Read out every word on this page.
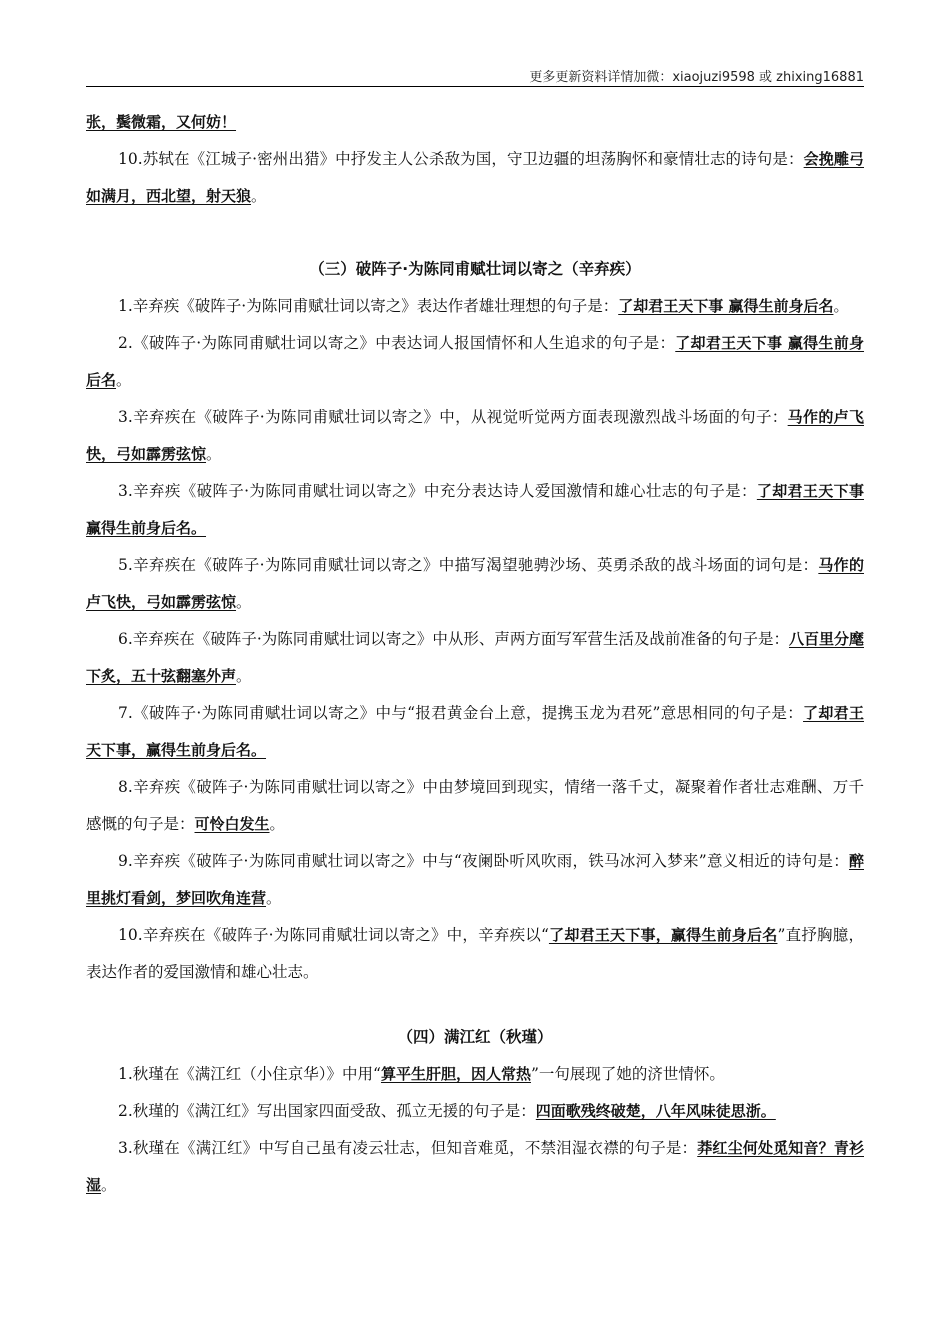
更多更新资料详情加微：xiaojuzi9598 或 zhixing16881

张，鬓微霜，又何妨！

10.苏轼在《江城子·密州出猎》中抒发主人公杀敌为国，守卫边疆的坦荡胸怀和豪情壮志的诗句是：会挽雕弓如满月，西北望，射天狼。

（三）破阵子·为陈同甫赋壮词以寄之（辛弃疾）

1.辛弃疾《破阵子·为陈同甫赋壮词以寄之》表达作者雄壮理想的句子是：了却君王天下事 赢得生前身后名。

2.《破阵子·为陈同甫赋壮词以寄之》中表达词人报国情怀和人生追求的句子是：了却君王天下事 赢得生前身后名。

3.辛弃疾在《破阵子·为陈同甫赋壮词以寄之》中，从视觉听觉两方面表现激烈战斗场面的句子：马作的卢飞快，弓如霹雳弦惊。

3.辛弃疾《破阵子·为陈同甫赋壮词以寄之》中充分表达诗人爱国激情和雄心壮志的句子是：了却君王天下事 赢得生前身后名。

5.辛弃疾在《破阵子·为陈同甫赋壮词以寄之》中描写渴望驰骋沙场、英勇杀敌的战斗场面的词句是：马作的卢飞快，弓如霹雳弦惊。

6.辛弃疾在《破阵子·为陈同甫赋壮词以寄之》中从形、声两方面写军营生活及战前准备的句子是：八百里分麾下炙，五十弦翻塞外声。

7.《破阵子·为陈同甫赋壮词以寄之》中与“报君黄金台上意，提携玉龙为君死”意思相同的句子是：了却君王天下事，赢得生前身后名。

8.辛弃疾《破阵子·为陈同甫赋壮词以寄之》中由梦境回到现实，情绪一落千丈，凝聚着作者壮志难酬、万千感慨的句子是：可怜白发生。

9.辛弃疾《破阵子·为陈同甫赋壮词以寄之》中与“夜阑卧听风吹雨，铁马冰河入梦来”意义相近的诗句是：醉里挑灯看剑，梦回吹角连营。

10.辛弃疾在《破阵子·为陈同甫赋壮词以寄之》中，辛弃疾以“了却君王天下事，赢得生前身后名”直抒胸臆，表达作者的爱国激情和雄心壮志。

（四）满江红（秋瑾）

1.秋瑾在《满江红（小住京华）》中用“算平生肝胆，因人常热”一句展现了她的济世情怀。

2.秋瑾的《满江红》写出国家四面受敌、孤立无援的句子是：四面歌残终破楚，八年风味徒思浙。

3.秋瑾在《满江红》中写自己虽有凌云壮志，但知音难觅，不禁泪湿衣襟的句子是：莽红尘何处觅知音？青衫湿。
